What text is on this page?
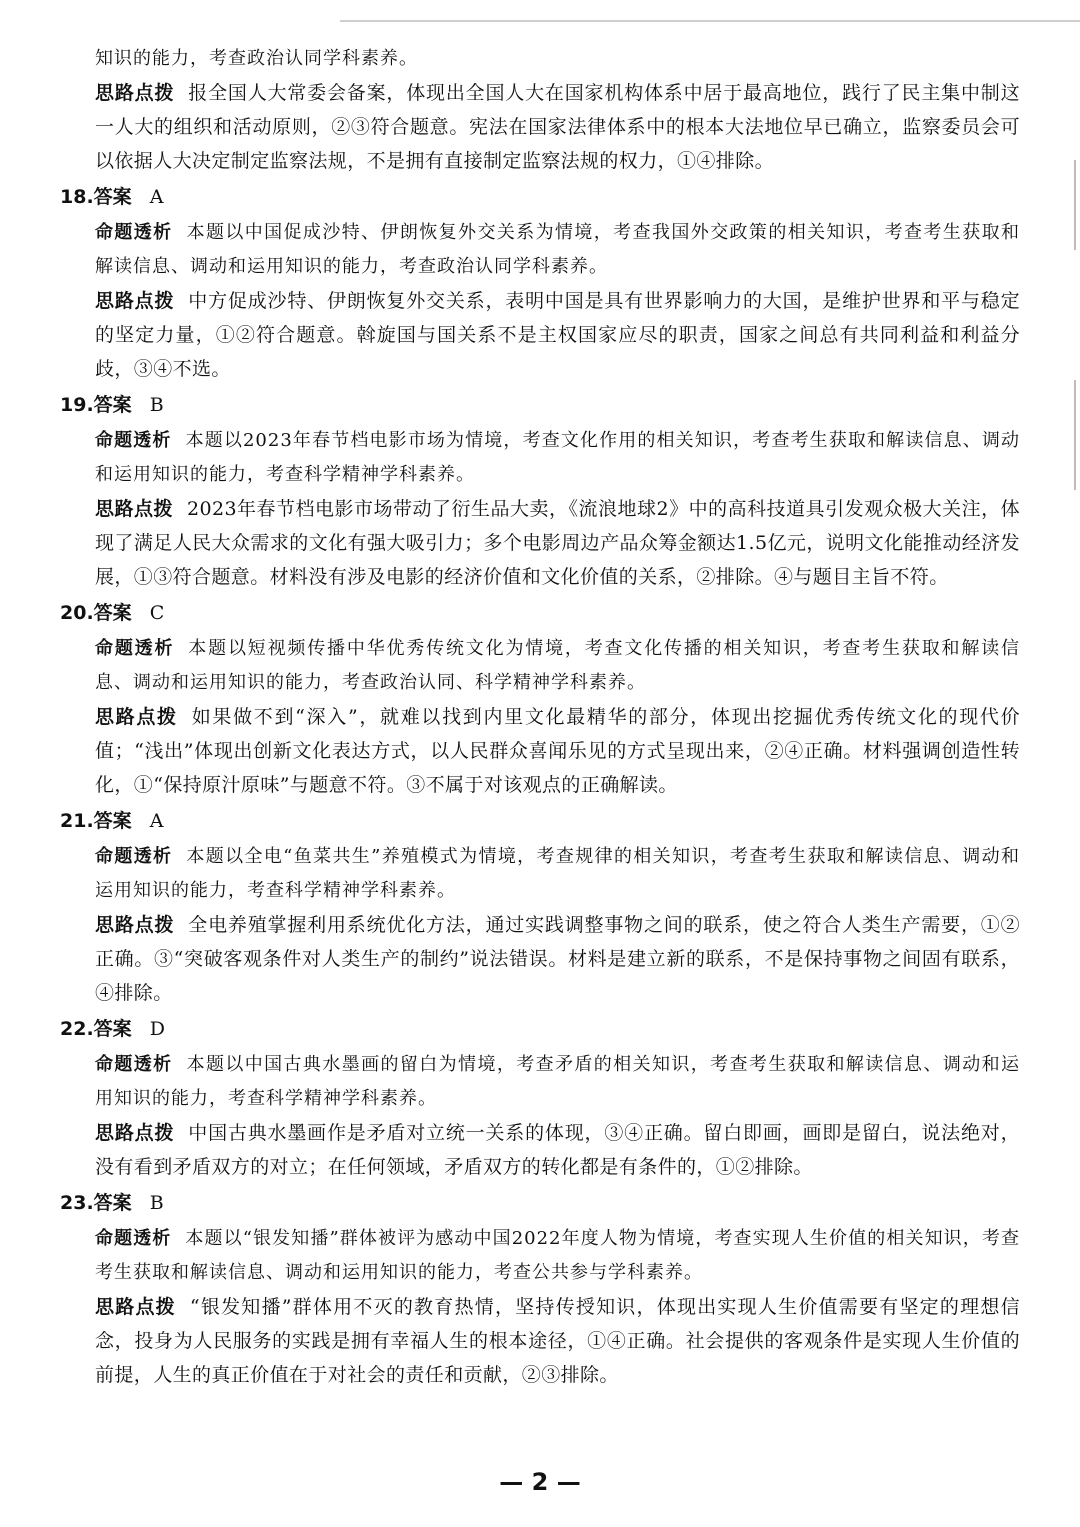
知识的能力，考查政治认同学科素养。

思路点拨 报全国人大常委会备案，体现出全国人大在国家机构体系中居于最高地位，践行了民主集中制这一人大的组织和活动原则，②③符合题意。宪法在国家法律体系中的根本大法地位早已确立，监察委员会可以依据人大决定制定监察法规，不是拥有直接制定监察法规的权力，①④排除。

18.答案 A

命题透析 本题以中国促成沙特、伊朗恢复外交关系为情境，考查我国外交政策的相关知识，考查考生获取和解读信息、调动和运用知识的能力，考查政治认同学科素养。

思路点拨 中方促成沙特、伊朗恢复外交关系，表明中国是具有世界影响力的大国，是维护世界和平与稳定的坚定力量，①②符合题意。斡旋国与国关系不是主权国家应尽的职责，国家之间总有共同利益和利益分歧，③④不选。

19.答案 B

命题透析 本题以2023年春节档电影市场为情境，考查文化作用的相关知识，考查考生获取和解读信息、调动和运用知识的能力，考查科学精神学科素养。

思路点拨 2023年春节档电影市场带动了衍生品大卖，《流浪地球2》中的高科技道具引发观众极大关注，体现了满足人民大众需求的文化有强大吸引力；多个电影周边产品众筹金额达1.5亿元，说明文化能推动经济发展，①③符合题意。材料没有涉及电影的经济价值和文化价值的关系，②排除。④与题目主旨不符。

20.答案 C

命题透析 本题以短视频传播中华优秀传统文化为情境，考查文化传播的相关知识，考查考生获取和解读信息、调动和运用知识的能力，考查政治认同、科学精神学科素养。

思路点拨 如果做不到“深入”，就难以找到内里文化最精华的部分，体现出挖掘优秀传统文化的现代价值；“浅出”体现出创新文化表达方式，以人民群众喜闻乐见的方式呈现出来，②④正确。材料强调创造性转化，①“保持原汁原味”与题意不符。③不属于对该观点的正确解读。

21.答案 A

命题透析 本题以全电“鱼菜共生”养殖模式为情境，考查规律的相关知识，考查考生获取和解读信息、调动和运用知识的能力，考查科学精神学科素养。

思路点拨 全电养殖掌握利用系统优化方法，通过实践调整事物之间的联系，使之符合人类生产需要，①②正确。③“突破客观条件对人类生产的制约”说法错误。材料是建立新的联系，不是保持事物之间固有联系，④排除。

22.答案 D

命题透析 本题以中国古典水墨画的留白为情境，考查矛盾的相关知识，考查考生获取和解读信息、调动和运用知识的能力，考查科学精神学科素养。

思路点拨 中国古典水墨画作是矛盾对立统一关系的体现，③④正确。留白即画，画即是留白，说法绝对，没有看到矛盾双方的对立；在任何领域，矛盾双方的转化都是有条件的，①②排除。

23.答案 B

命题透析 本题以“银发知播”群体被评为感动中国2022年度人物为情境，考查实现人生价值的相关知识，考查考生获取和解读信息、调动和运用知识的能力，考查公共参与学科素养。

思路点拨 “银发知播”群体用不灭的教育热情，坚持传授知识，体现出实现人生价值需要有坚定的理想信念，投身为人民服务的实践是拥有幸福人生的根本途径，①④正确。社会提供的客观条件是实现人生价值的前提，人生的真正价值在于对社会的责任和贡献，②③排除。

— 2 —
